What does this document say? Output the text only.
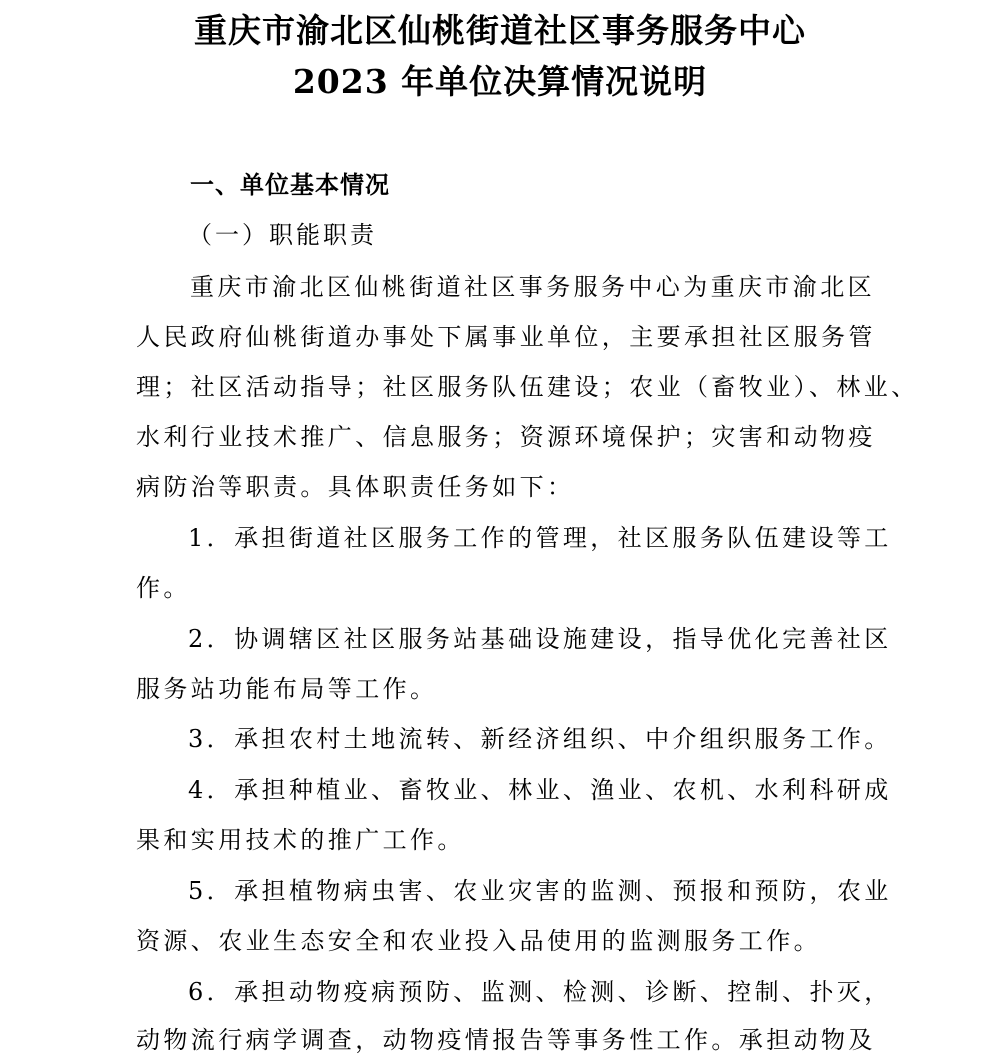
重庆市渝北区仙桃街道社区事务服务中心
2023 年单位决算情况说明
一、单位基本情况
（一）职能职责
重庆市渝北区仙桃街道社区事务服务中心为重庆市渝北区
人民政府仙桃街道办事处下属事业单位，主要承担社区服务管
理；社区活动指导；社区服务队伍建设；农业（畜牧业）、林业、
水利行业技术推广、信息服务；资源环境保护；灾害和动物疫
病防治等职责。具体职责任务如下：
1．承担街道社区服务工作的管理，社区服务队伍建设等工
作。
2．协调辖区社区服务站基础设施建设，指导优化完善社区
服务站功能布局等工作。
3．承担农村土地流转、新经济组织、中介组织服务工作。
4．承担种植业、畜牧业、林业、渔业、农机、水利科研成
果和实用技术的推广工作。
5．承担植物病虫害、农业灾害的监测、预报和预防，农业
资源、农业生态安全和农业投入品使用的监测服务工作。
6．承担动物疫病预防、监测、检测、诊断、控制、扑灭，
动物流行病学调查，动物疫情报告等事务性工作。承担动物及
